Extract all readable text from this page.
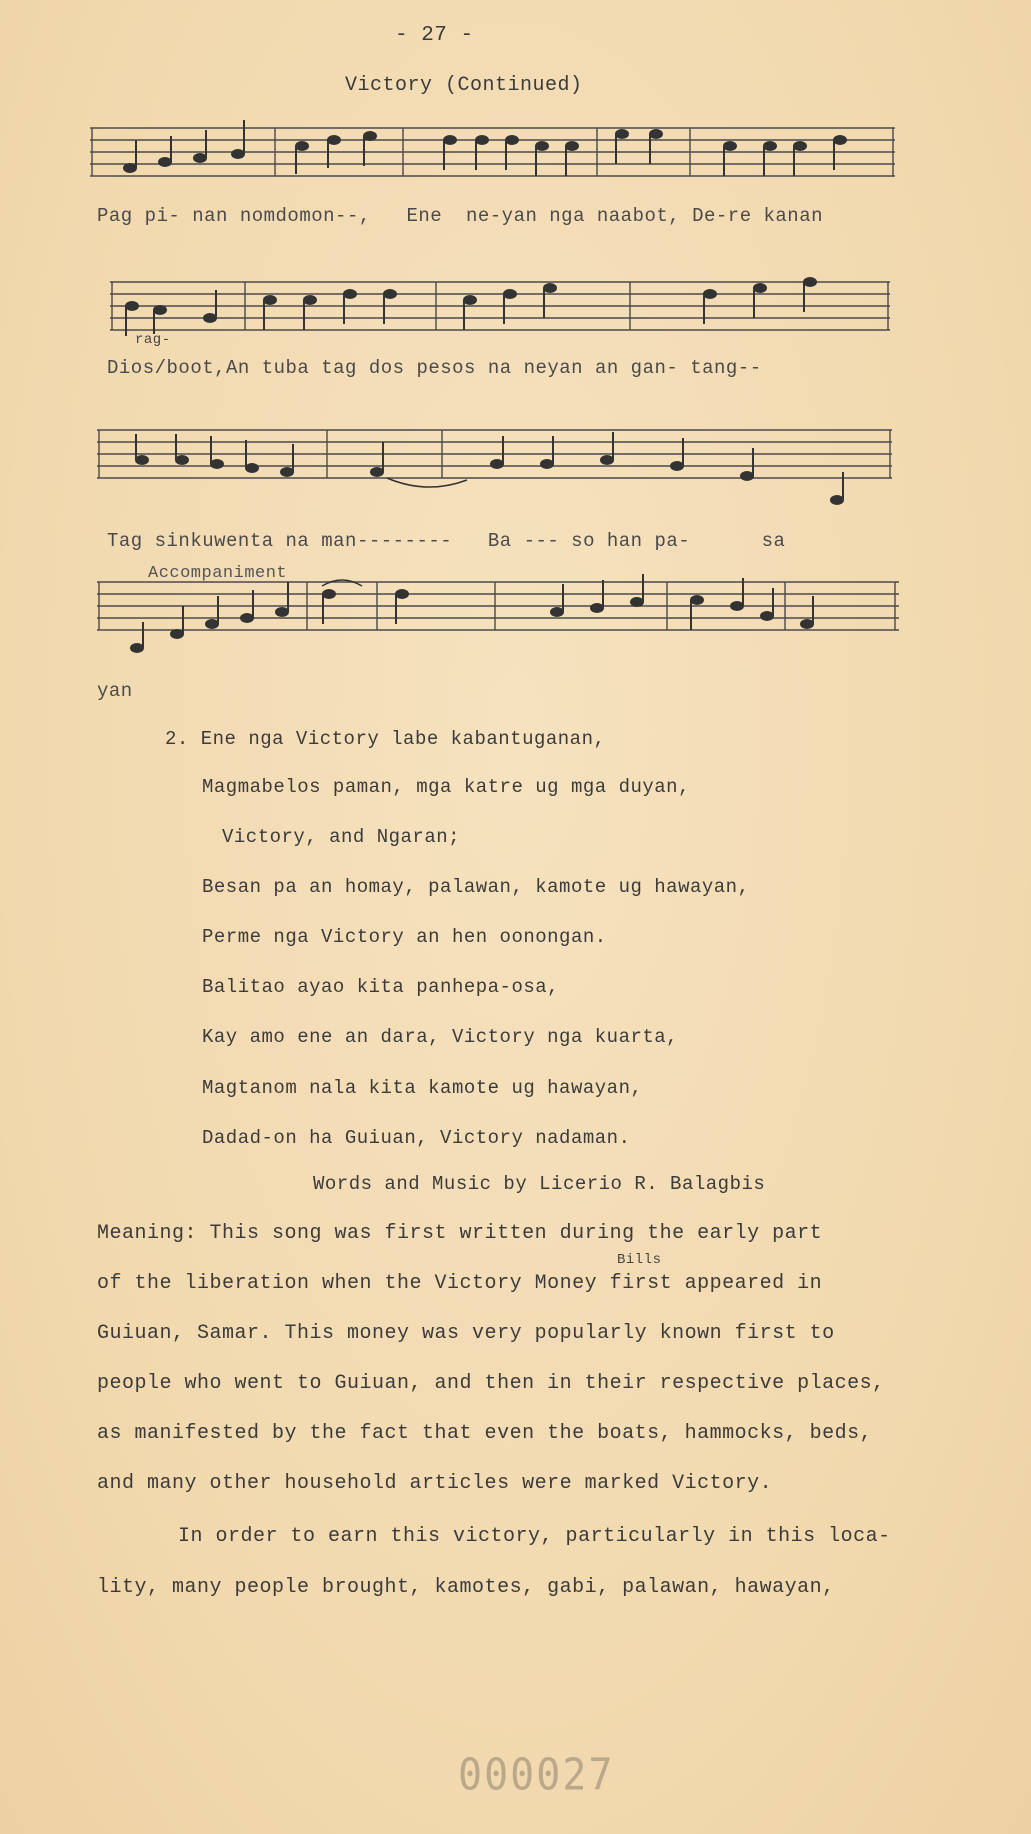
- 27 -
Victory (Continued)
Pag pi- nan nomdomon--,   Ene  ne-yan nga naabot, De-re kanan
rag-
Dios/boot,An tuba tag dos pesos na neyan an gan- tang--
Tag sinkuwenta na man--------   Ba --- so han pa-      sa
Accompaniment
yan
2. Ene nga Victory labe kabantuganan,
Magmabelos paman, mga katre ug mga duyan,
Victory, and Ngaran;
Besan pa an homay, palawan, kamote ug hawayan,
Perme nga Victory an hen oonongan.
Balitao ayao kita panhepa-osa,
Kay amo ene an dara, Victory nga kuarta,
Magtanom nala kita kamote ug hawayan,
Dadad-on ha Guiuan, Victory nadaman.
Words and Music by Licerio R. Balagbis
Bills
Meaning: This song was first written during the early part
of the liberation when the Victory Money first appeared in
Guiuan, Samar. This money was very popularly known first to
people who went to Guiuan, and then in their respective places,
as manifested by the fact that even the boats, hammocks, beds,
and many other household articles were marked Victory.
In order to earn this victory, particularly in this loca-
lity, many people brought, kamotes, gabi, palawan, hawayan,
000027
